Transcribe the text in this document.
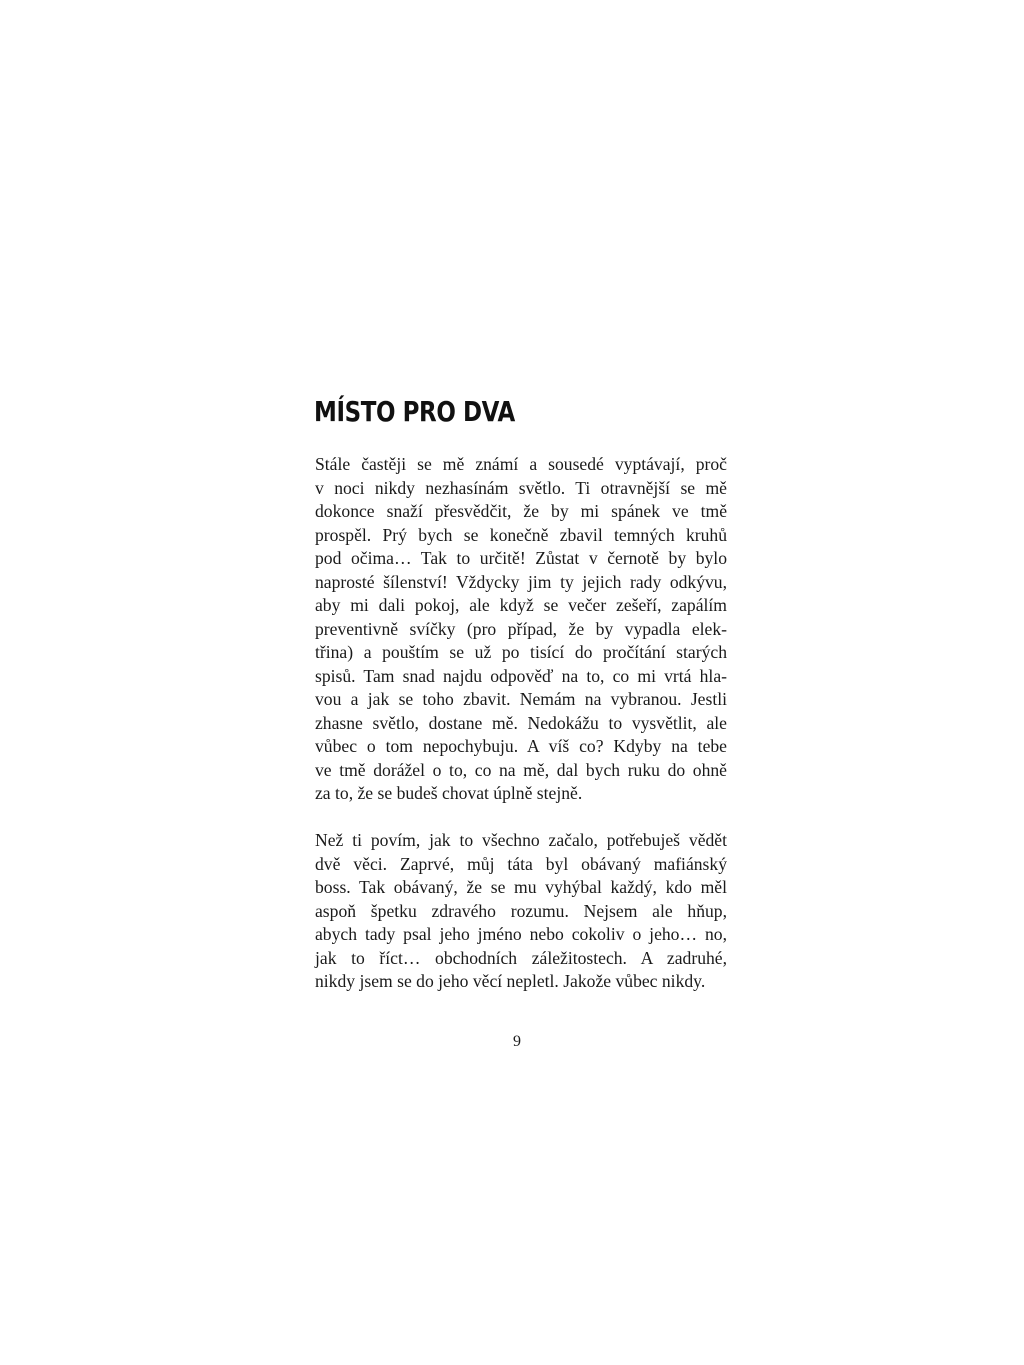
MÍSTO PRO DVA

Stále častěji se mě známí a sousedé vyptávají, proč
v noci nikdy nezhasínám světlo. Ti otravnější se mě
dokonce snaží přesvědčit, že by mi spánek ve tmě
prospěl. Prý bych se konečně zbavil temných kruhů
pod očima… Tak to určitě! Zůstat v černotě by bylo
naprosté šílenství! Vždycky jim ty jejich rady odkývu,
aby mi dali pokoj, ale když se večer zešeří, zapálím
preventivně svíčky (pro případ, že by vypadla elek-
třina) a pouštím se už po tisící do pročítání starých
spisů. Tam snad najdu odpověď na to, co mi vrtá hla-
vou a jak se toho zbavit. Nemám na vybranou. Jestli
zhasne světlo, dostane mě. Nedokážu to vysvětlit, ale
vůbec o tom nepochybuju. A víš co? Kdyby na tebe
ve tmě dorážel o to, co na mě, dal bych ruku do ohně
za to, že se budeš chovat úplně stejně.

Než ti povím, jak to všechno začalo, potřebuješ vědět
dvě věci. Zaprvé, můj táta byl obávaný mafiánský
boss. Tak obávaný, že se mu vyhýbal každý, kdo měl
aspoň špetku zdravého rozumu. Nejsem ale hňup,
abych tady psal jeho jméno nebo cokoliv o jeho… no,
jak to říct… obchodních záležitostech. A zadruhé,
nikdy jsem se do jeho věcí nepletl. Jakože vůbec nikdy.

9
